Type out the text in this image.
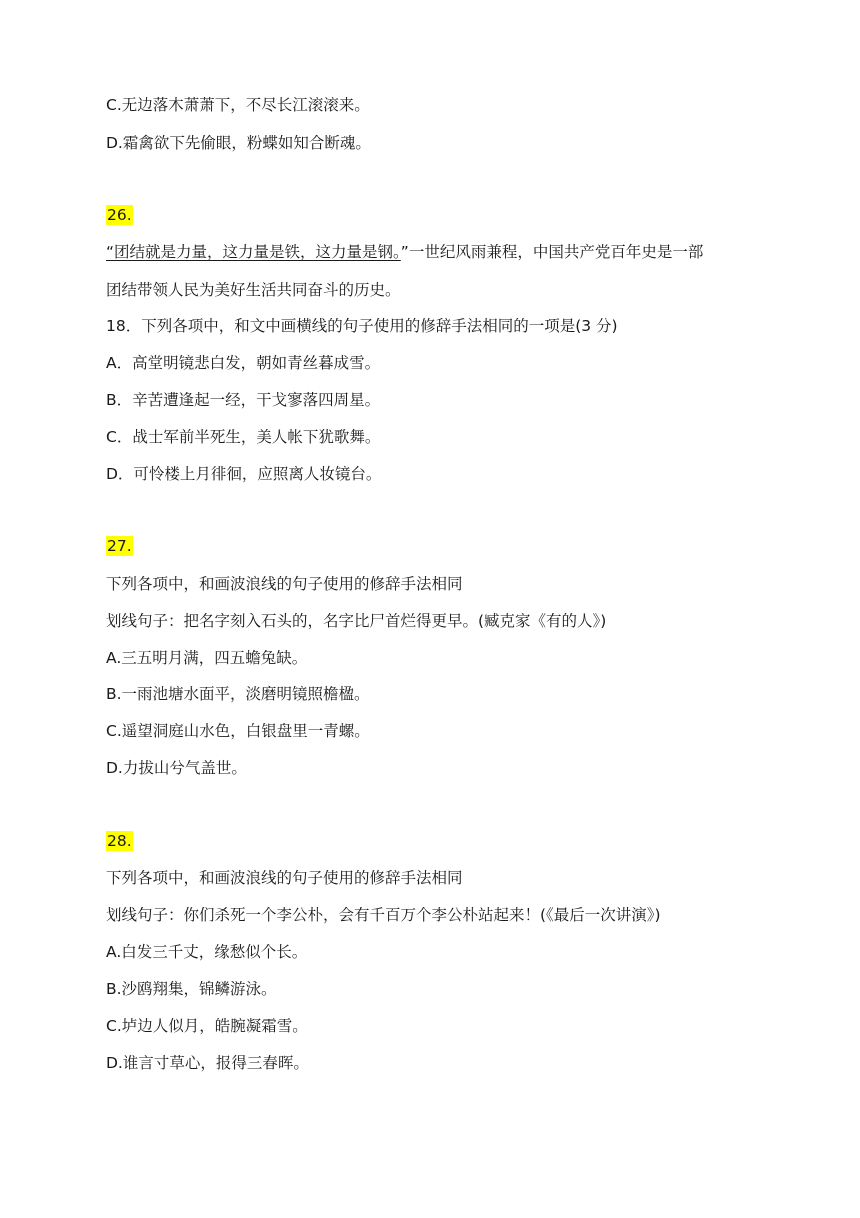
C.无边落木萧萧下，不尽长江滚滚来。
D.霜禽欲下先偷眼，粉蝶如知合断魂。
26.
“团结就是力量，这力量是铁，这力量是钢。”一世纪风雨兼程，中国共产党百年史是一部
团结带领人民为美好生活共同奋斗的历史。
18．下列各项中，和文中画横线的句子使用的修辞手法相同的一项是(3 分)
A．高堂明镜悲白发，朝如青丝暮成雪。
B．辛苦遭逢起一经，干戈寥落四周星。
C．战士军前半死生，美人帐下犹歌舞。
D．可怜楼上月徘徊，应照离人妆镜台。
27.
下列各项中，和画波浪线的句子使用的修辞手法相同
划线句子：把名字刻入石头的，名字比尸首烂得更早。(臧克家《有的人》)
A.三五明月满，四五蟾兔缺。
B.一雨池塘水面平，淡磨明镜照檐楹。
C.遥望洞庭山水色，白银盘里一青螺。
D.力拔山兮气盖世。
28.
下列各项中，和画波浪线的句子使用的修辞手法相同
划线句子：你们杀死一个李公朴，会有千百万个李公朴站起来！(《最后一次讲演》)
A.白发三千丈，缘愁似个长。
B.沙鸥翔集，锦鳞游泳。
C.垆边人似月，皓腕凝霜雪。
D.谁言寸草心，报得三春晖。
